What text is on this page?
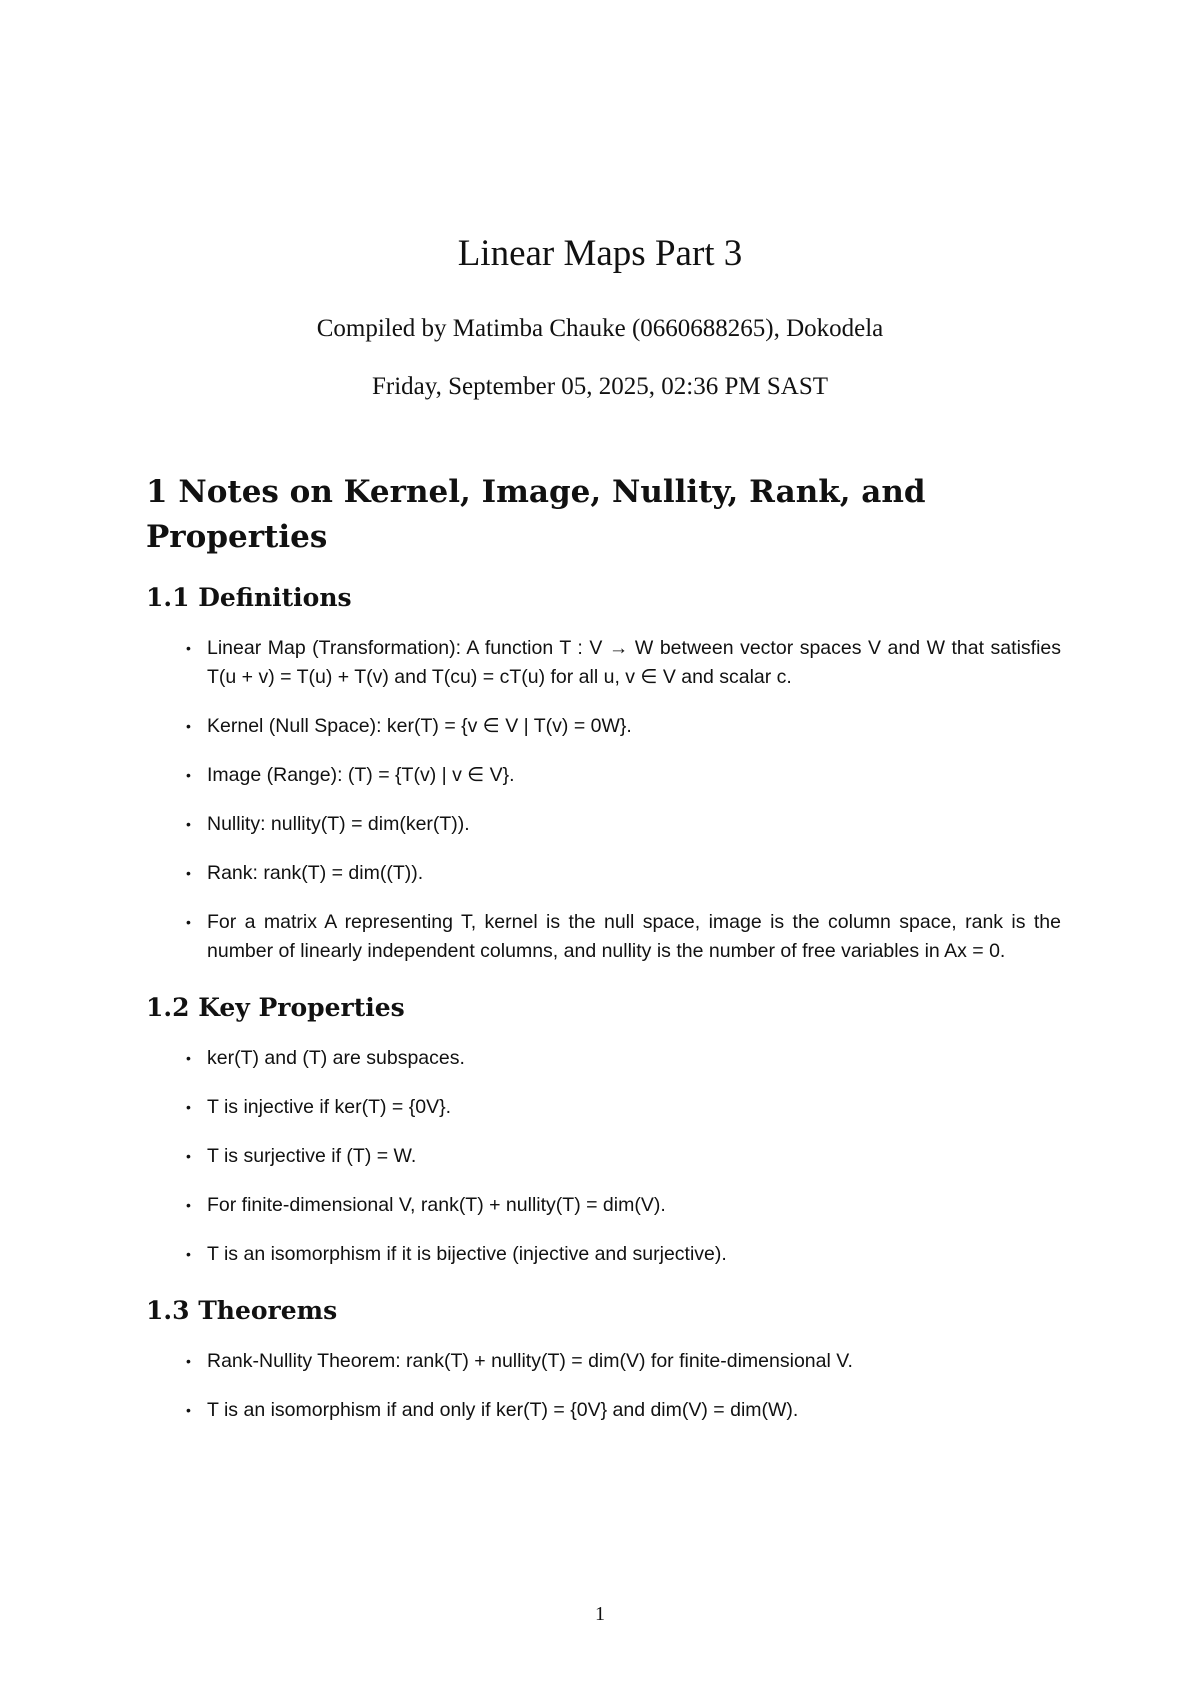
Linear Maps Part 3
Compiled by Matimba Chauke (0660688265), Dokodela
Friday, September 05, 2025, 02:36 PM SAST
1 Notes on Kernel, Image, Nullity, Rank, and Properties
1.1 Definitions
• Linear Map (Transformation): A function T : V → W between vector spaces V and W that satisfies T(u + v) = T(u) + T(v) and T(cu) = cT(u) for all u, v ∈ V and scalar c.
• Kernel (Null Space): ker(T) = {v ∈ V | T(v) = 0W}.
• Image (Range): (T) = {T(v) | v ∈ V}.
• Nullity: nullity(T) = dim(ker(T)).
• Rank: rank(T) = dim((T)).
• For a matrix A representing T, kernel is the null space, image is the column space, rank is the number of linearly independent columns, and nullity is the number of free variables in Ax = 0.
1.2 Key Properties
• ker(T) and (T) are subspaces.
• T is injective if ker(T) = {0V}.
• T is surjective if (T) = W.
• For finite-dimensional V, rank(T) + nullity(T) = dim(V).
• T is an isomorphism if it is bijective (injective and surjective).
1.3 Theorems
• Rank-Nullity Theorem: rank(T) + nullity(T) = dim(V) for finite-dimensional V.
• T is an isomorphism if and only if ker(T) = {0V} and dim(V) = dim(W).
1
